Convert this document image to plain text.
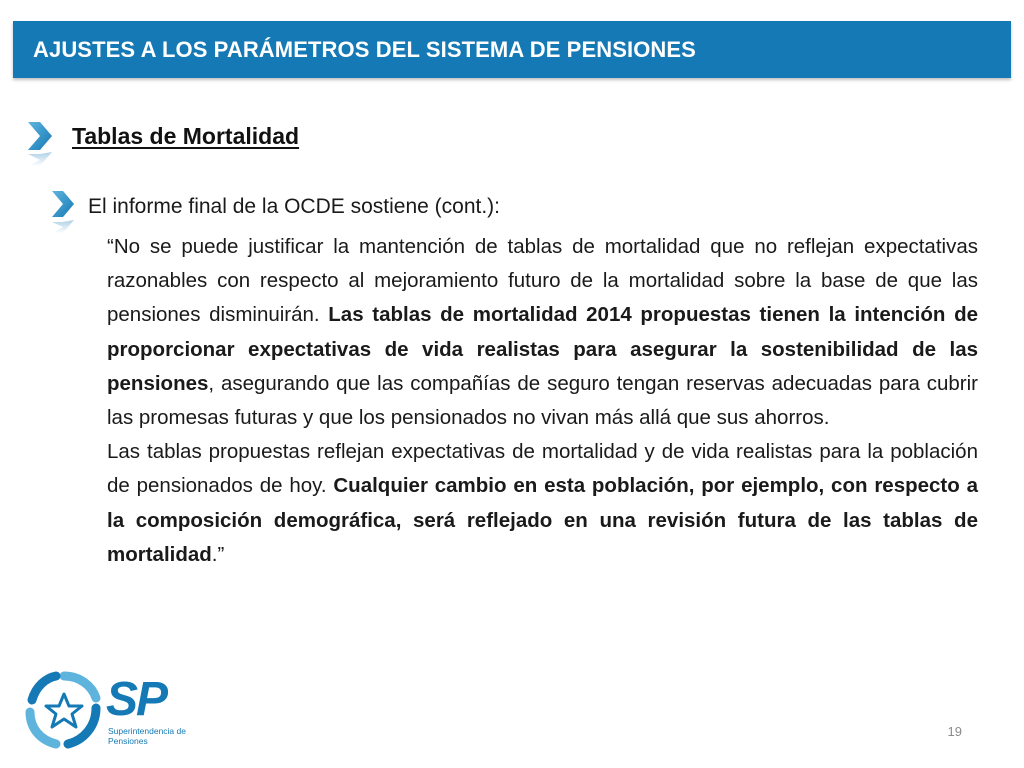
AJUSTES A LOS PARÁMETROS DEL SISTEMA DE PENSIONES
Tablas de Mortalidad
El informe final de la OCDE sostiene (cont.):

“No se puede justificar la mantención de tablas de mortalidad que no reflejan expectativas razonables con respecto al mejoramiento futuro de la mortalidad sobre la base de que las pensiones disminuirán. Las tablas de mortalidad 2014 propuestas tienen la intención de proporcionar expectativas de vida realistas para asegurar la sostenibilidad de las pensiones, asegurando que las compañías de seguro tengan reservas adecuadas para cubrir las promesas futuras y que los pensionados no vivan más allá que sus ahorros.

Las tablas propuestas reflejan expectativas de mortalidad y de vida realistas para la población de pensionados de hoy. Cualquier cambio en esta población, por ejemplo, con respecto a la composición demográfica, será reflejado en una revisión futura de las tablas de mortalidad.”

SP
Superintendencia de
Pensiones
19
